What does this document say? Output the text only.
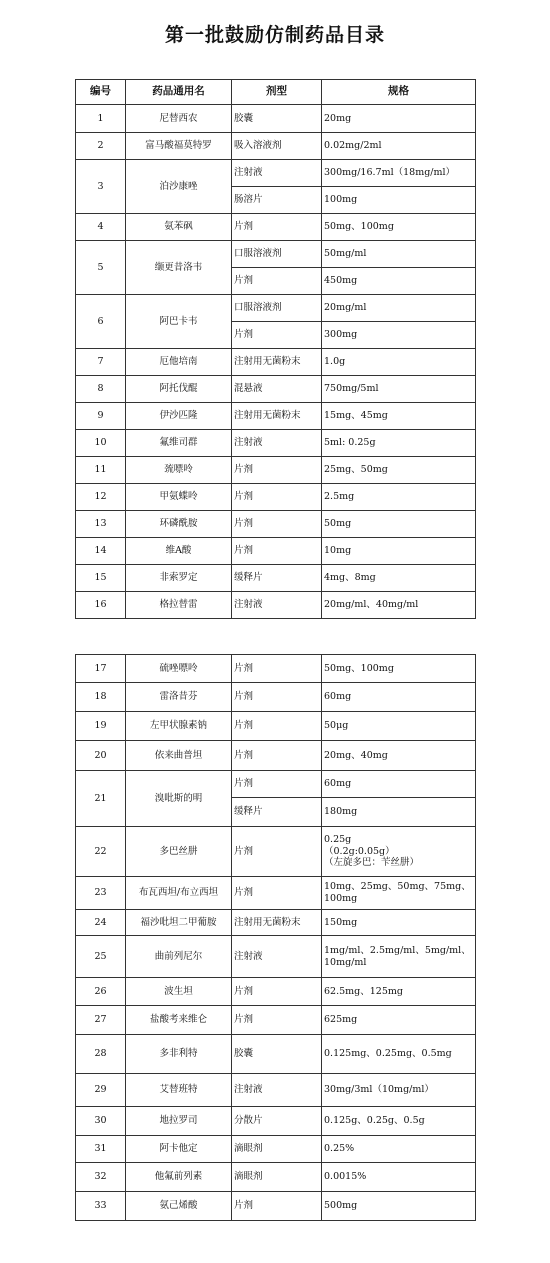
第一批鼓励仿制药品目录
编号	药品通用名	剂型	规格
1	尼替西农	胶囊	20mg
2	富马酸福莫特罗	吸入溶液剂	0.02mg/2ml
3	泊沙康唑	注射液	300mg/16.7ml（18mg/ml）
		肠溶片	100mg
4	氨苯砜	片剂	50mg、100mg
5	缬更昔洛韦	口服溶液剂	50mg/ml
		片剂	450mg
6	阿巴卡韦	口服溶液剂	20mg/ml
		片剂	300mg
7	厄他培南	注射用无菌粉末	1.0g
8	阿托伐醌	混悬液	750mg/5ml
9	伊沙匹隆	注射用无菌粉末	15mg、45mg
10	氟维司群	注射液	5ml: 0.25g
11	巯嘌呤	片剂	25mg、50mg
12	甲氨蝶呤	片剂	2.5mg
13	环磷酰胺	片剂	50mg
14	维A酸	片剂	10mg
15	非索罗定	缓释片	4mg、8mg
16	格拉替雷	注射液	20mg/ml、40mg/ml
17	硫唑嘌呤	片剂	50mg、100mg
18	雷洛昔芬	片剂	60mg
19	左甲状腺素钠	片剂	50μg
20	依来曲普坦	片剂	20mg、40mg
21	溴吡斯的明	片剂	60mg
		缓释片	180mg
22	多巴丝肼	片剂	0.25g
（0.2g:0.05g）
（左旋多巴：苄丝肼）
23	布瓦西坦/布立西坦	片剂	10mg、25mg、50mg、75mg、100mg
24	福沙吡坦二甲葡胺	注射用无菌粉末	150mg
25	曲前列尼尔	注射液	1mg/ml、2.5mg/ml、5mg/ml、10mg/ml
26	波生坦	片剂	62.5mg、125mg
27	盐酸考来维仑	片剂	625mg
28	多非利特	胶囊	0.125mg、0.25mg、0.5mg
29	艾替班特	注射液	30mg/3ml（10mg/ml）
30	地拉罗司	分散片	0.125g、0.25g、0.5g
31	阿卡他定	滴眼剂	0.25%
32	他氟前列素	滴眼剂	0.0015%
33	氨己烯酸	片剂	500mg
